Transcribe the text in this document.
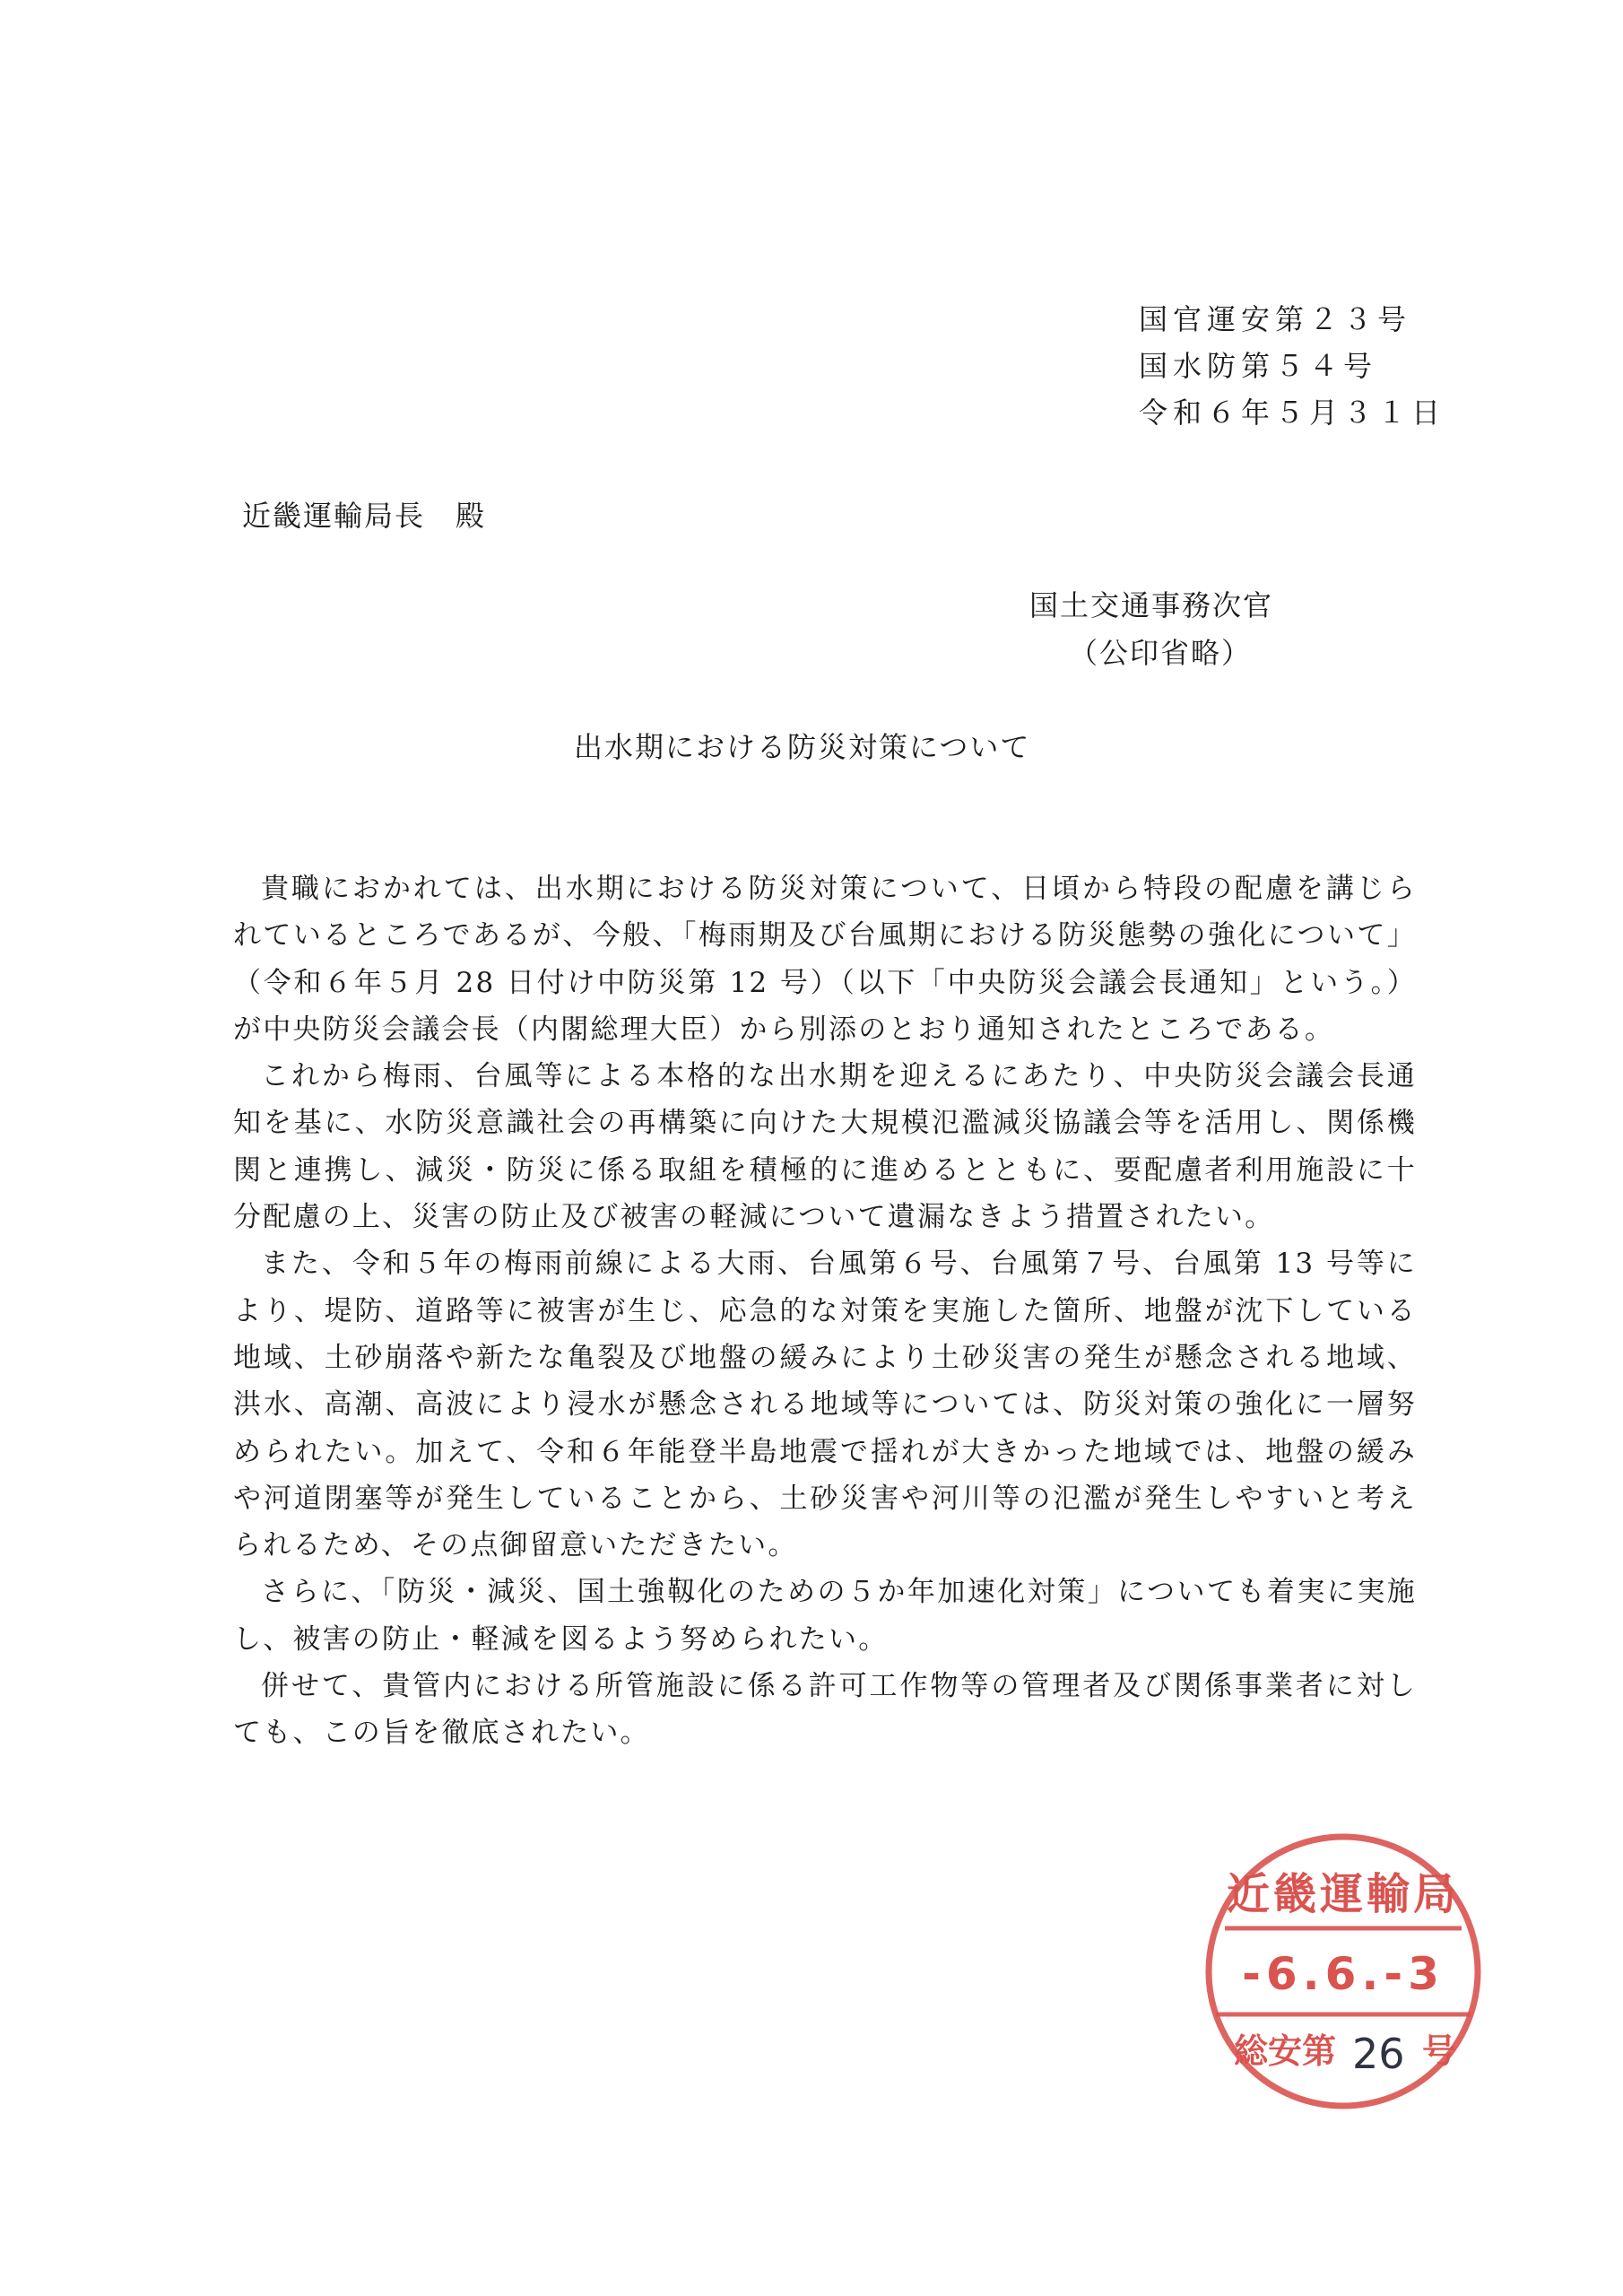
国官運安第２３号
国水防第５４号
令和６年５月３１日
近畿運輸局長　殿
国土交通事務次官
（公印省略）
出水期における防災対策について

貴職におかれては、出水期における防災対策について、日頃から特段の配慮を講じられているところであるが、今般、「梅雨期及び台風期における防災態勢の強化について」（令和６年５月 28 日付け中防災第 12 号）（以下「中央防災会議会長通知」という。）が中央防災会議会長（内閣総理大臣）から別添のとおり通知されたところである。

これから梅雨、台風等による本格的な出水期を迎えるにあたり、中央防災会議会長通知を基に、水防災意識社会の再構築に向けた大規模氾濫減災協議会等を活用し、関係機関と連携し、減災・防災に係る取組を積極的に進めるとともに、要配慮者利用施設に十分配慮の上、災害の防止及び被害の軽減について遺漏なきよう措置されたい。

また、令和５年の梅雨前線による大雨、台風第６号、台風第７号、台風第 13 号等により、堤防、道路等に被害が生じ、応急的な対策を実施した箇所、地盤が沈下している地域、土砂崩落や新たな亀裂及び地盤の緩みにより土砂災害の発生が懸念される地域、洪水、高潮、高波により浸水が懸念される地域等については、防災対策の強化に一層努められたい。加えて、令和６年能登半島地震で揺れが大きかった地域では、地盤の緩みや河道閉塞等が発生していることから、土砂災害や河川等の氾濫が発生しやすいと考えられるため、その点御留意いただきたい。

さらに、「防災・減災、国土強靱化のための５か年加速化対策」についても着実に実施し、被害の防止・軽減を図るよう努められたい。

併せて、貴管内における所管施設に係る許可工作物等の管理者及び関係事業者に対しても、この旨を徹底されたい。

近畿運輸局
-6.6.-3
総安第 26 号
